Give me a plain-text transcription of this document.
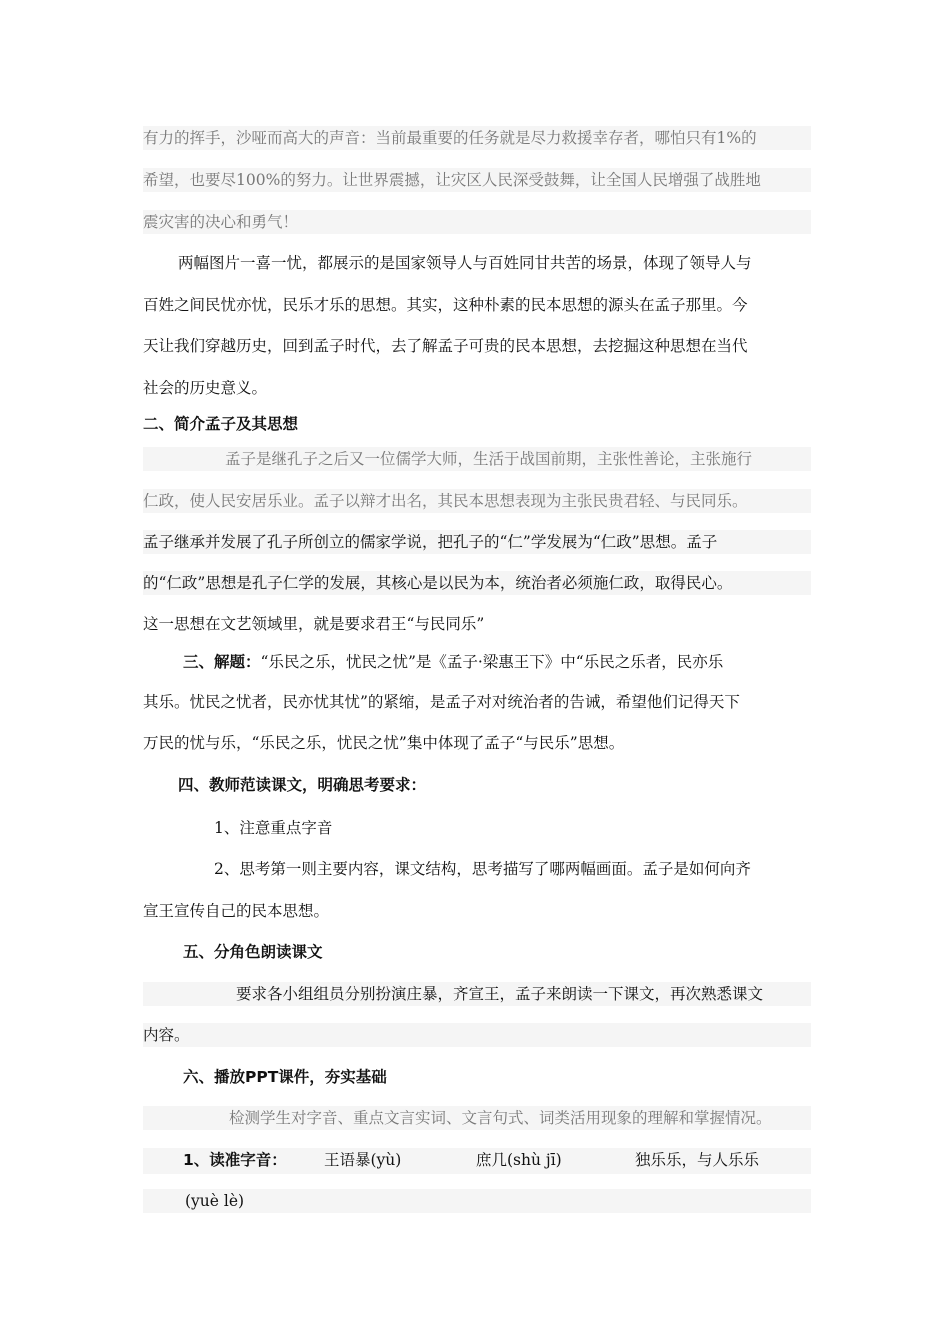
有力的挥手，沙哑而高大的声音：当前最重要的任务就是尽力救援幸存者，哪怕只有1%的
希望，也要尽100%的努力。让世界震撼，让灾区人民深受鼓舞，让全国人民增强了战胜地
震灾害的决心和勇气！
两幅图片一喜一忧，都展示的是国家领导人与百姓同甘共苦的场景，体现了领导人与
百姓之间民忧亦忧，民乐才乐的思想。其实，这种朴素的民本思想的源头在孟子那里。今
天让我们穿越历史，回到孟子时代，去了解孟子可贵的民本思想，去挖掘这种思想在当代
社会的历史意义。
二、简介孟子及其思想
孟子是继孔子之后又一位儒学大师，生活于战国前期，主张性善论，主张施行
仁政，使人民安居乐业。孟子以辩才出名，其民本思想表现为主张民贵君轻、与民同乐。
孟子继承并发展了孔子所创立的儒家学说，把孔子的“仁”学发展为“仁政”思想。孟子
的“仁政”思想是孔子仁学的发展，其核心是以民为本，统治者必须施仁政，取得民心。
这一思想在文艺领域里，就是要求君王“与民同乐”
三、解题：“乐民之乐，忧民之忧”是《孟子·梁惠王下》中“乐民之乐者，民亦乐
其乐。忧民之忧者，民亦忧其忧”的紧缩，是孟子对对统治者的告诫，希望他们记得天下
万民的忧与乐，“乐民之乐，忧民之忧”集中体现了孟子“与民乐”思想。
四、教师范读课文，明确思考要求：
1、注意重点字音
2、思考第一则主要内容，课文结构，思考描写了哪两幅画面。孟子是如何向齐
宣王宣传自己的民本思想。
五、分角色朗读课文
要求各小组组员分别扮演庄暴，齐宣王，孟子来朗读一下课文，再次熟悉课文
内容。
六、播放PPT课件，夯实基础
检测学生对字音、重点文言实词、文言句式、词类活用现象的理解和掌握情况。
1、读准字音： 王语暴(yù)	庶几(shù jī)	独乐乐，与人乐乐
(yuè lè)
